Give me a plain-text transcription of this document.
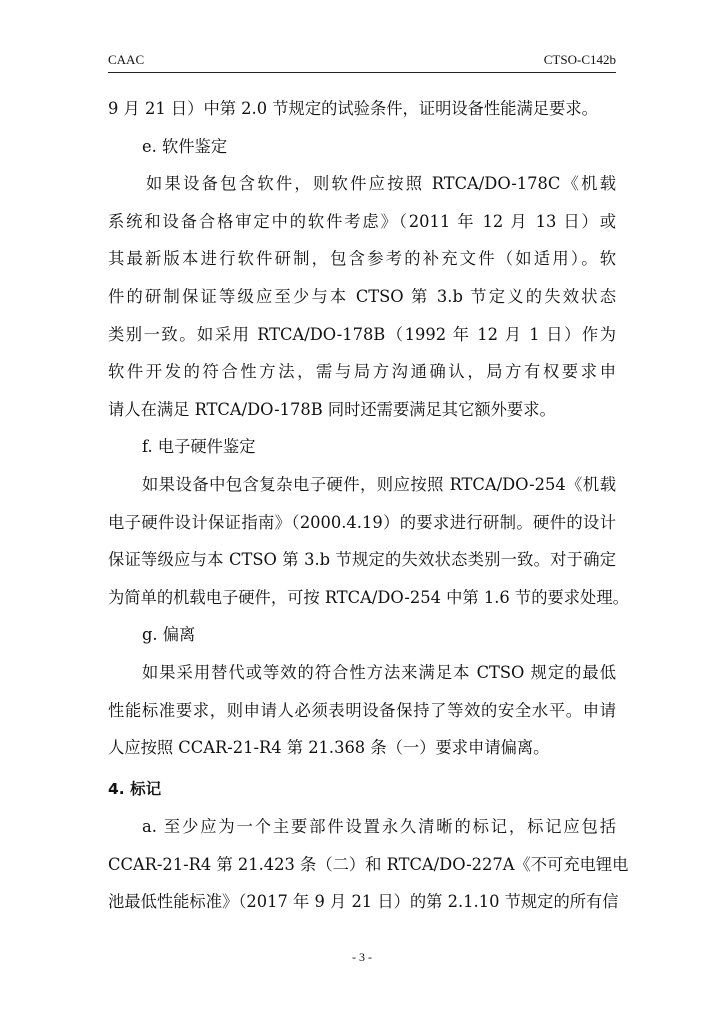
CAAC	CTSO-C142b
9 月 21 日）中第 2.0 节规定的试验条件，证明设备性能满足要求。
e. 软件鉴定
如果设备包含软件，则软件应按照 RTCA/DO-178C《机载
系统和设备合格审定中的软件考虑》（2011 年 12 月 13 日）或
其最新版本进行软件研制，包含参考的补充文件（如适用）。软
件的研制保证等级应至少与本 CTSO 第 3.b 节定义的失效状态
类别一致。如采用 RTCA/DO-178B（1992 年 12 月 1 日）作为
软件开发的符合性方法，需与局方沟通确认，局方有权要求申
请人在满足 RTCA/DO-178B 同时还需要满足其它额外要求。
f. 电子硬件鉴定
如果设备中包含复杂电子硬件，则应按照 RTCA/DO-254《机载
电子硬件设计保证指南》（2000.4.19）的要求进行研制。硬件的设计
保证等级应与本 CTSO 第 3.b 节规定的失效状态类别一致。对于确定
为简单的机载电子硬件，可按 RTCA/DO-254 中第 1.6 节的要求处理。
g. 偏离
如果采用替代或等效的符合性方法来满足本 CTSO 规定的最低
性能标准要求，则申请人必须表明设备保持了等效的安全水平。申请
人应按照 CCAR-21-R4 第 21.368 条（一）要求申请偏离。
4. 标记
a. 至少应为一个主要部件设置永久清晰的标记，标记应包括
CCAR-21-R4 第 21.423 条（二）和 RTCA/DO-227A《不可充电锂电
池最低性能标准》（2017 年 9 月 21 日）的第 2.1.10 节规定的所有信
- 3 -
